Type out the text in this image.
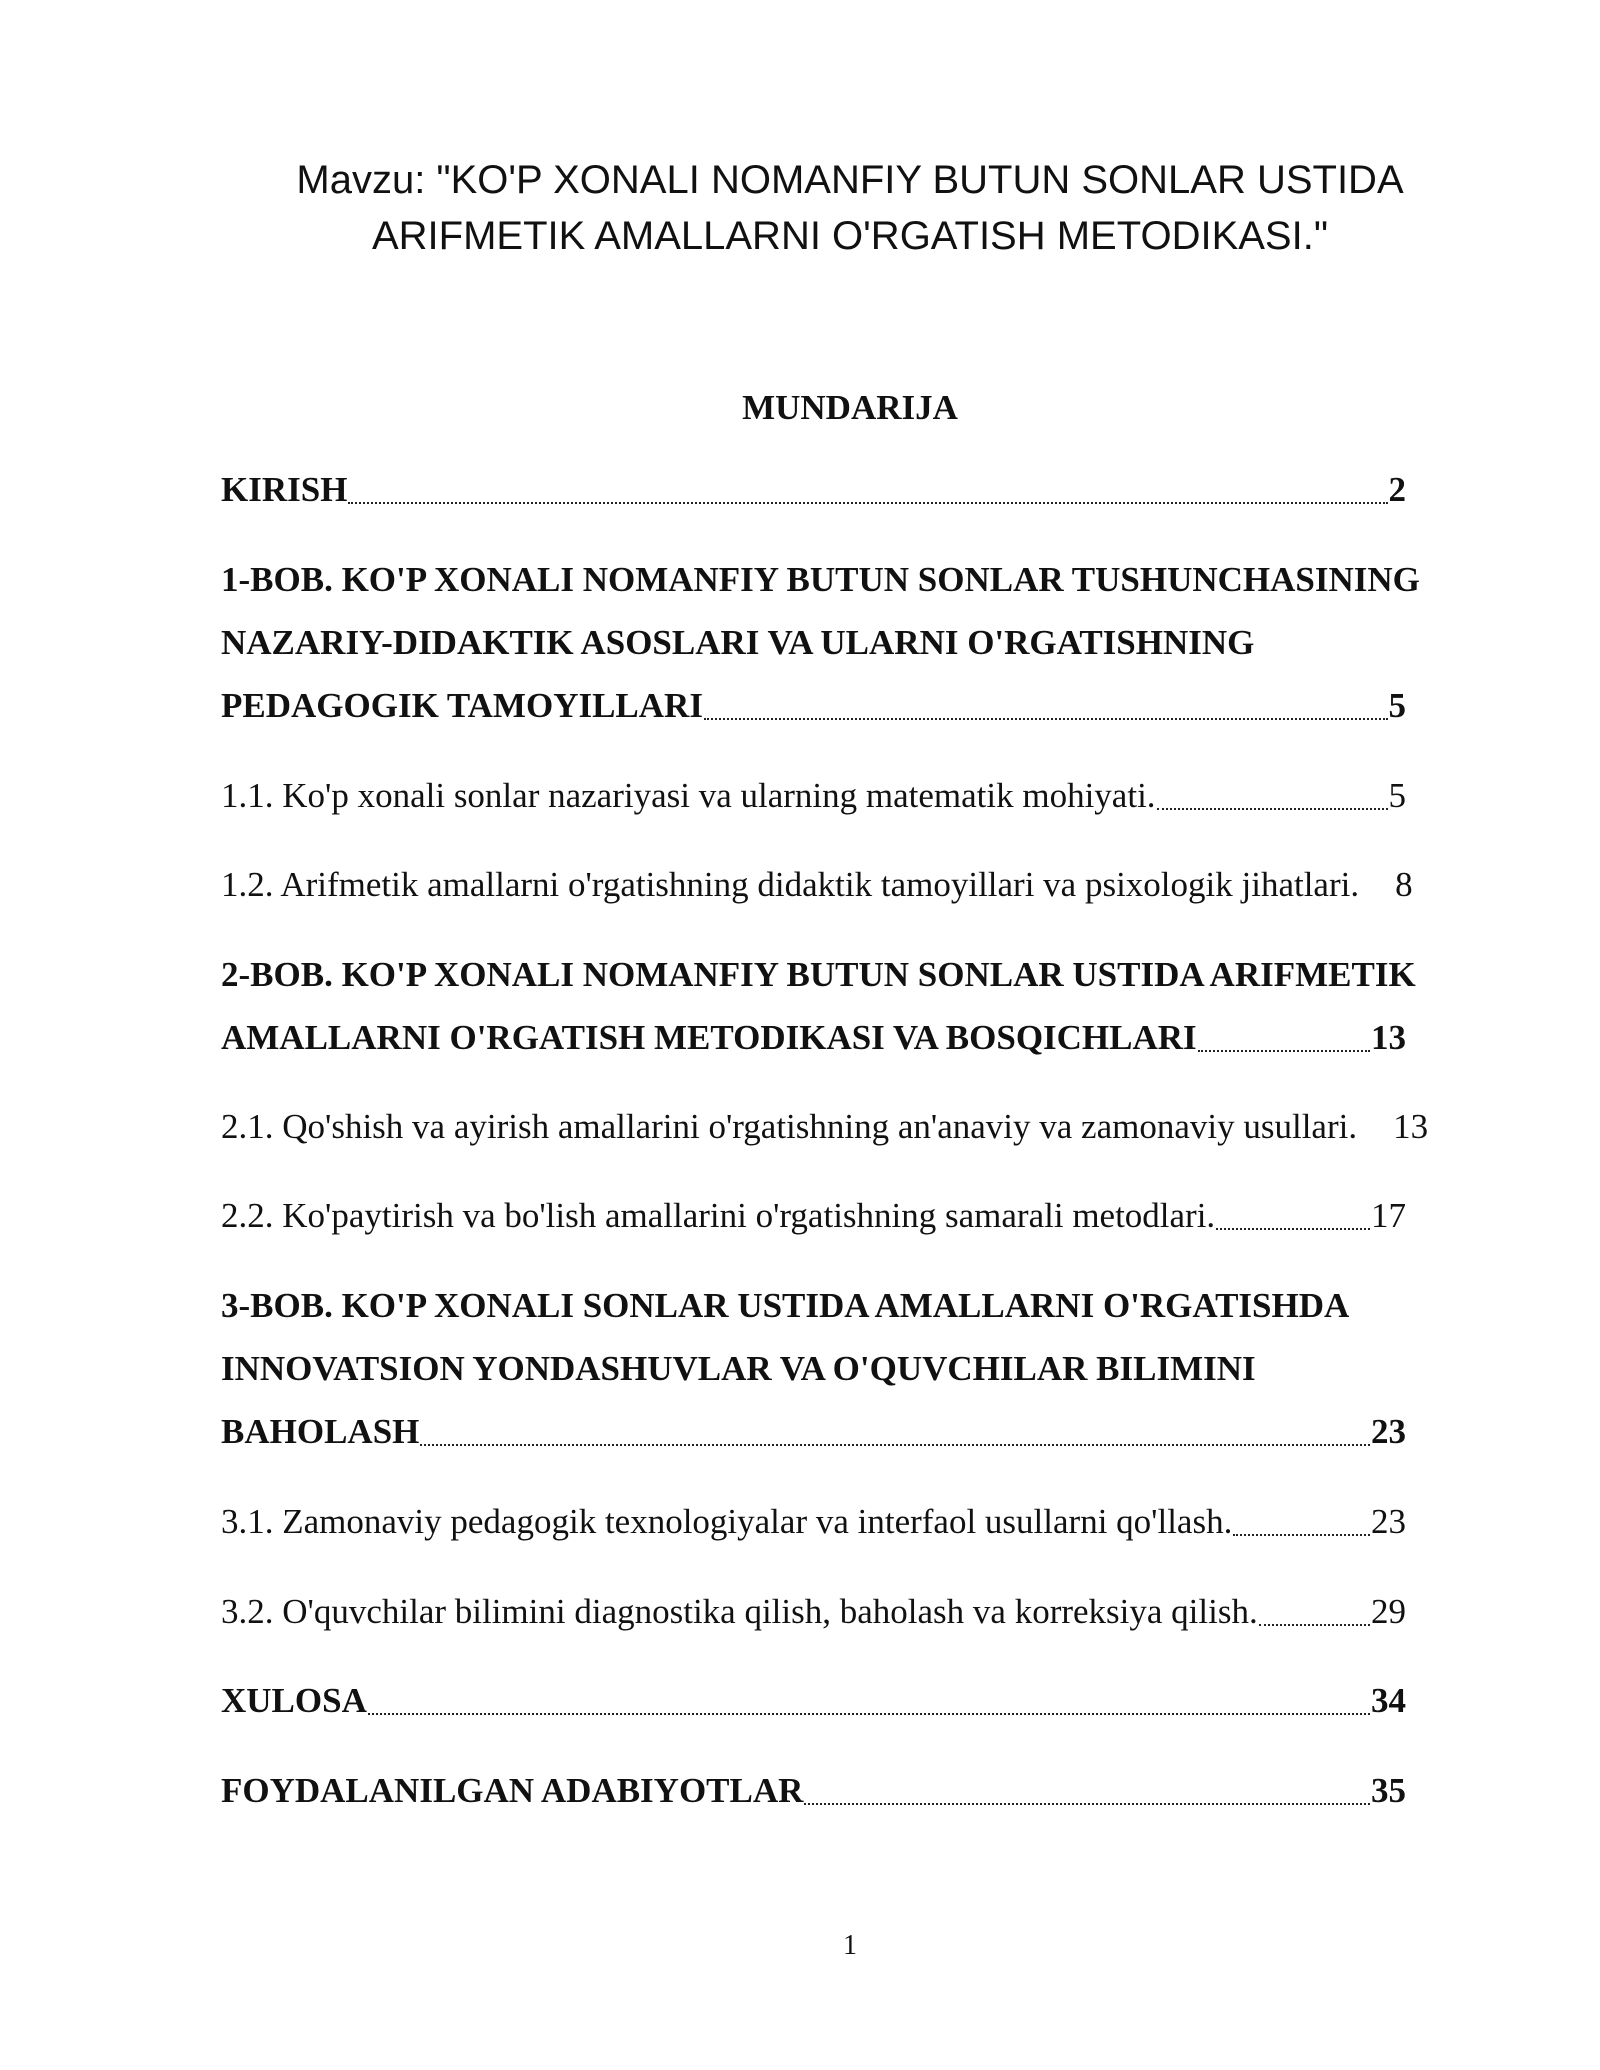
Mavzu: "KO'P XONALI NOMANFIY BUTUN SONLAR USTIDA
ARIFMETIK AMALLARNI O'RGATISH METODIKASI."
MUNDARIJA
KIRISH	2
1-BOB. KO'P XONALI NOMANFIY BUTUN SONLAR TUSHUNCHASINING
NAZARIY-DIDAKTIK ASOSLARI VA ULARNI O'RGATISHNING
PEDAGOGIK TAMOYILLARI	5
1.1. Ko'p xonali sonlar nazariyasi va ularning matematik mohiyati.	5
1.2. Arifmetik amallarni o'rgatishning didaktik tamoyillari va psixologik jihatlari. 8
2-BOB. KO'P XONALI NOMANFIY BUTUN SONLAR USTIDA ARIFMETIK
AMALLARNI O'RGATISH METODIKASI VA BOSQICHLARI	13
2.1. Qo'shish va ayirish amallarini o'rgatishning an'anaviy va zamonaviy usullari. 13
2.2. Ko'paytirish va bo'lish amallarini o'rgatishning samarali metodlari.	17
3-BOB. KO'P XONALI SONLAR USTIDA AMALLARNI O'RGATISHDA
INNOVATSION YONDASHUVLAR VA O'QUVCHILAR BILIMINI
BAHOLASH	23
3.1. Zamonaviy pedagogik texnologiyalar va interfaol usullarni qo'llash.	23
3.2. O'quvchilar bilimini diagnostika qilish, baholash va korreksiya qilish.	29
XULOSA	34
FOYDALANILGAN ADABIYOTLAR	35
1
